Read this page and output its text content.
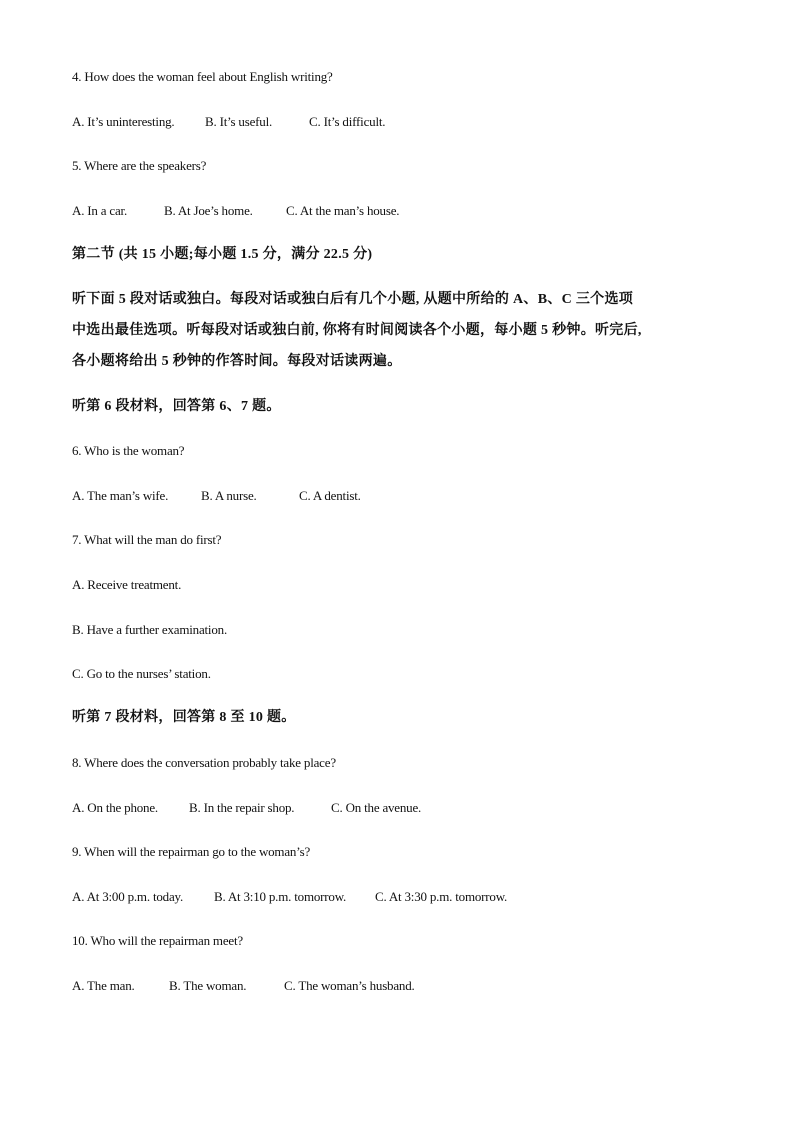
4. How does the woman feel about English writing?
A. It’s uninteresting. B. It’s useful.	C. It’s difficult.
5. Where are the speakers?
A. In a car.	B. At Joe’s home.	C. At the man’s house.
第二节 (共 15 小题;每小题 1.5 分，满分 22.5 分)
听下面 5 段对话或独白。每段对话或独白后有几个小题, 从题中所给的 A、B、C 三个选项
中选出最佳选项。听每段对话或独白前, 你将有时间阅读各个小题，每小题 5 秒钟。听完后,
各小题将给出 5 秒钟的作答时间。每段对话读两遍。
听第 6 段材料，回答第 6、7 题。
6. Who is the woman?
A. The man’s wife.	B. A nurse.	C. A dentist.
7. What will the man do first?
A. Receive treatment.
B. Have a further examination.
C. Go to the nurses’ station.
听第 7 段材料，回答第 8 至 10 题。
8. Where does the conversation probably take place?
A. On the phone. B. In the repair shop.	C. On the avenue.
9. When will the repairman go to the woman’s?
A. At 3:00 p.m. today. B. At 3:10 p.m. tomorrow. C. At 3:30 p.m. tomorrow.
10. Who will the repairman meet?
A. The man.	B. The woman.	C. The woman’s husband.
